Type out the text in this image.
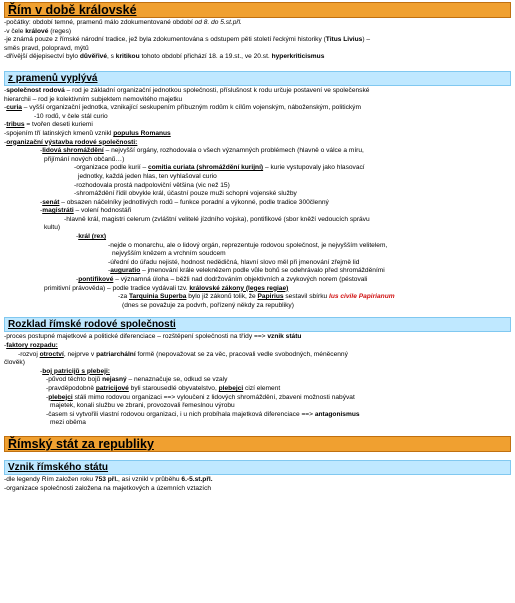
Řím v době královské
-počátky: období temné, pramenů málo zdokumentované období od 8. do 5.st.přl.
-v čele králové (reges)
-je známá pouze z římské národní tradice, jež byla zdokumentována s odstupem pěti století řeckými historiky (Titus Livius) –
směs pravd, polopravd, mýtů
-dřívější dějepisectví bylo důvěřivé, s kritikou tohoto období přichází 18. a 19.st., ve 20.st. hyperkriticismus
z pramenů vyplývá
-společnost rodová – rod je základní organizační jednotkou společnosti, příslušnost k rodu určuje postavení ve společenské
hierarchii – rod je kolektivním subjektem nemovitého majetku
-curia – vyšší organizační jednotka, vznikající seskupením příbuzným rodům k cílům vojenským, náboženským, politickým
-10 rodů, v čele stál curio
-tribus = tvořen deseti kuriemi
-spojením tří latinských kmenů vznikl populus Romanus
-organizační výstavba rodové společnosti:
-lidová shromáždění – nejvyšší orgány, rozhodovala o všech významných problémech (hlavně o válce a míru,
přijímání nových občanů…)
-organizace podle kurií – comitia curiata (shromáždění kurijní) – kurie vystupovaly jako hlasovací
jednotky, každá jeden hlas, ten vyhlašoval curio
-rozhodovala prostá nadpoloviční většina (vic než 15)
-shromáždění řídil obvykle král, účastní pouze muži schopni vojenské služby
-senát – obsazen náčelníky jednotlivých rodů – funkce poradní a výkonné, podle tradice 300členný
-magistráti – volení hodnostáři
-hlavně král, magistri celerum (zvláštní velitelé jízdního vojska), pontifikové (sbor kněží vedoucích správu
kultu)
-král (rex)
-nejde o monarchu, ale o lidový orgán, reprezentuje rodovou společnost, je nejvyšším velitelem,
nejvyšším knězem a vrchním soudcem
-úřední do úřadu nejisté, hodnost nedědičná, hlavní slovo měl při jmenování zřejmě lid
-auguratio – jmenování krále veleknězem podle vůle bohů se odehrávalo před shromážděními
-pontifikové – významná úloha – běžli nad dodržováním objektivních a zvykových norem (péstovali
primitivní právověda) – podle tradice vydávali tzv. královské zákony (leges regiae)
-za Tarquinia Superba bylo již zákonů tolik, že Papirius sestavil sbírku Ius civile Papirianum
(dnes se považuje za podvrh, pořízený někdy za republiky)
Rozklad římské rodové společnosti
-proces postupné majetkové a politické diferenciace – rozštěpení společnosti na třídy ==> vznik státu
-faktory rozpadu:
-rozvoj otroctví, nejprve v patriarchální formě (nepovažovat se za věc, pracovali vedle svobodných, méněcenný
člověk)
-boj patricijů s plebeji:
-původ těchto bojů nejasný – nenaznačuje se, odkud se vzaly
-pravděpodobně patricijové byli starousedlé obyvatelstvo, plebejci cizí element
-plebejci stáli mimo rodovou organizaci ==> vyloučeni z lidových shromáždění, zbaveni možnosti nabývat
majetek, konali službu ve zbrani, provozovali řemeslnou výrobu
-časem si vytvořili vlastní rodovou organizaci, i u nich probíhala majetková diferenciace ==> antagonismus
mezi oběma
Římský stát za republiky
Vznik římského státu
-dle legendy Řím založen roku 753 přl., asi vznikl v průběhu 6.-5.st.přl.
-organizace společnosti založena na majetkových a územních vztazích
